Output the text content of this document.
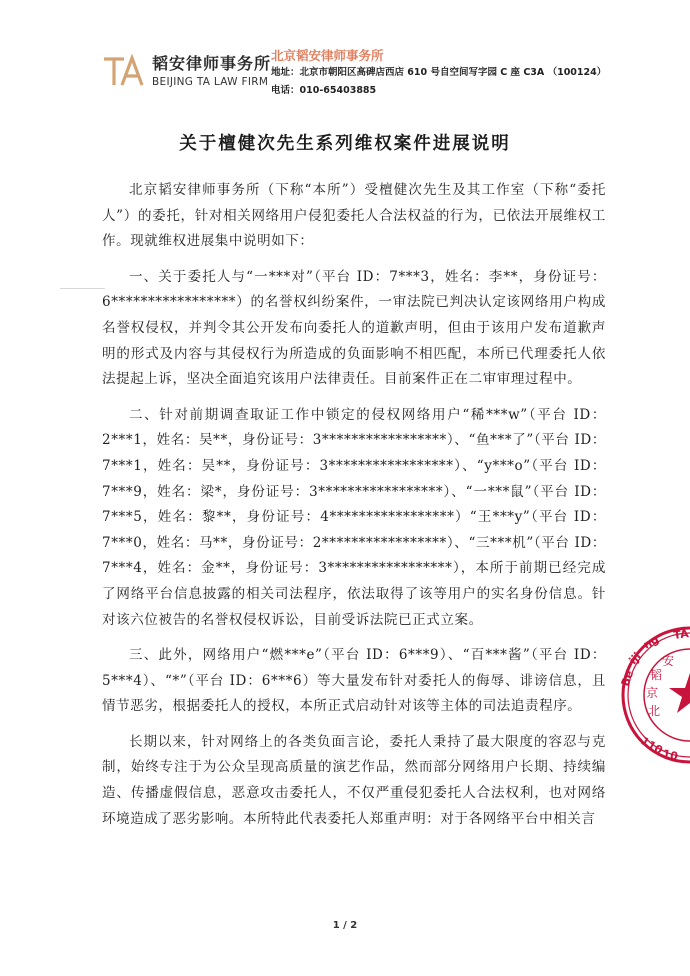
韬安律师事务所
BEIJING TA LAW FIRM
北京韬安律师事务所
地址：北京市朝阳区高碑店西店 610 号自空间写字园 C 座 C3A （100124）
电话：010-65403885
关于檀健次先生系列维权案件进展说明

北京韬安律师事务所（下称“本所”）受檀健次先生及其工作室（下称“委托人”）的委托，针对相关网络用户侵犯委托人合法权益的行为，已依法开展维权工作。现就维权进展集中说明如下：

一、关于委托人与“一***对”（平台 ID：7***3，姓名：李**，身份证号：6*****************）的名誉权纠纷案件，一审法院已判决认定该网络用户构成名誉权侵权，并判令其公开发布向委托人的道歉声明，但由于该用户发布道歉声明的形式及内容与其侵权行为所造成的负面影响不相匹配，本所已代理委托人依法提起上诉，坚决全面追究该用户法律责任。目前案件正在二审审理过程中。

二、针对前期调查取证工作中锁定的侵权网络用户“稀***w”（平台 ID：2***1，姓名：吴**，身份证号：3*****************）、“鱼***了”（平台 ID：7***1，姓名：吴**，身份证号：3*****************）、“y***o”（平台 ID：7***9，姓名：梁*，身份证号：3*****************）、“一***鼠”（平台 ID：7***5，姓名：黎**，身份证号：4*****************）“王***y”（平台 ID：7***0，姓名：马**，身份证号：2*****************）、“三***机”（平台 ID：7***4，姓名：金**，身份证号：3*****************），本所于前期已经完成了网络平台信息披露的相关司法程序，依法取得了该等用户的实名身份信息。针对该六位被告的名誉权侵权诉讼，目前受诉法院已正式立案。

三、此外，网络用户“燃***e”（平台 ID：6***9）、“百***酱”（平台 ID：5***4）、“*”（平台 ID：6***6）等大量发布针对委托人的侮辱、诽谤信息，且情节恶劣，根据委托人的授权，本所正式启动针对该等主体的司法追责程序。

长期以来，针对网络上的各类负面言论，委托人秉持了最大限度的容忍与克制，始终专注于为公众呈现高质量的演艺作品，然而部分网络用户长期、持续编造、传播虚假信息，恶意攻击委托人，不仅严重侵犯委托人合法权利，也对网络环境造成了恶劣影响。本所特此代表委托人郑重声明：对于各网络平台中相关言

Be
iji
ng TA
110
10
北
京
韬
安
1 / 2
